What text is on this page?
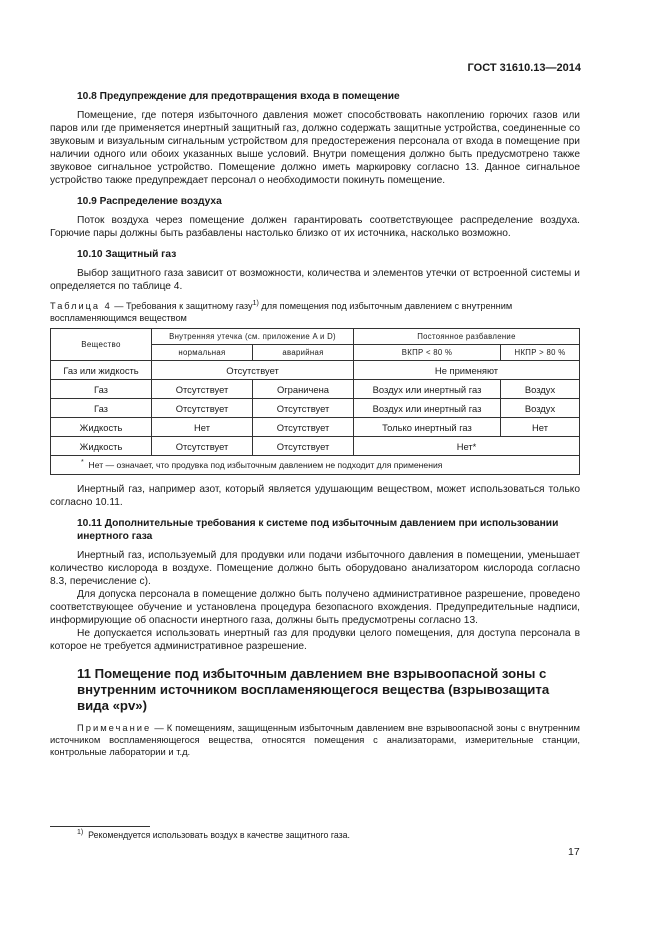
ГОСТ 31610.13—2014
10.8 Предупреждение для предотвращения входа в помещение

Помещение, где потеря избыточного давления может способствовать накоплению горючих газов или паров или где применяется инертный защитный газ, должно содержать защитные устройства, соединенные со звуковым и визуальным сигнальным устройством для предостережения персонала от входа в помещение при наличии одного или обоих указанных выше условий. Внутри помещения должно быть предусмотрено также звуковое сигнальное устройство. Помещение должно иметь маркировку согласно 13. Данное сигнальное устройство также предупреждает персонал о необходимости покинуть помещение.

10.9 Распределение воздуха

Поток воздуха через помещение должен гарантировать соответствующее распределение воздуха. Горючие пары должны быть разбавлены настолько близко от их источника, насколько возможно.

10.10 Защитный газ

Выбор защитного газа зависит от возможности, количества и элементов утечки от встроенной системы и определяется по таблице 4.

Таблица 4 — Требования к защитному газу$^{1)}$ для помещения под избыточным давлением с внутренним воспламеняющимся веществом

Вещество	Внутренняя утечка (см. приложение A и D)		Постоянное разбавление	
	нормальная	аварийная	ВКПР < 80 %	НКПР > 80 %
Газ или жидкость	Отсутствует		Не применяют	
Газ	Отсутствует	Ограничена	Воздух или инертный газ	Воздух
Газ	Отсутствует	Отсутствует	Воздух или инертный газ	Воздух
Жидкость	Нет	Отсутствует	Только инертный газ	Нет
Жидкость	Отсутствует	Отсутствует	Нет*	
* Нет — означает, что продувка под избыточным давлением не подходит для применения				

Инертный газ, например азот, который является удушающим веществом, может использоваться только согласно 10.11.

10.11 Дополнительные требования к системе под избыточным давлением при использовании инертного газа

Инертный газ, используемый для продувки или подачи избыточного давления в помещении, уменьшает количество кислорода в воздухе. Помещение должно быть оборудовано анализатором кислорода согласно 8.3, перечисление c).

Для допуска персонала в помещение должно быть получено административное разрешение, проведено соответствующее обучение и установлена процедура безопасного вхождения. Предупредительные надписи, информирующие об опасности инертного газа, должны быть предусмотрены согласно 13.

Не допускается использовать инертный газ для продувки целого помещения, для доступа персонала в которое не требуется административное разрешение.

11 Помещение под избыточным давлением вне взрывоопасной зоны с внутренним источником воспламеняющегося вещества (взрывозащита вида «pv»)

Примечание — К помещениям, защищенным избыточным давлением вне взрывоопасной зоны с внутренним источником воспламеняющегося вещества, относятся помещения с анализаторами, измерительные станции, контрольные лаборатории и т.д.

$^{1)}$ Рекомендуется использовать воздух в качестве защитного газа.
17
